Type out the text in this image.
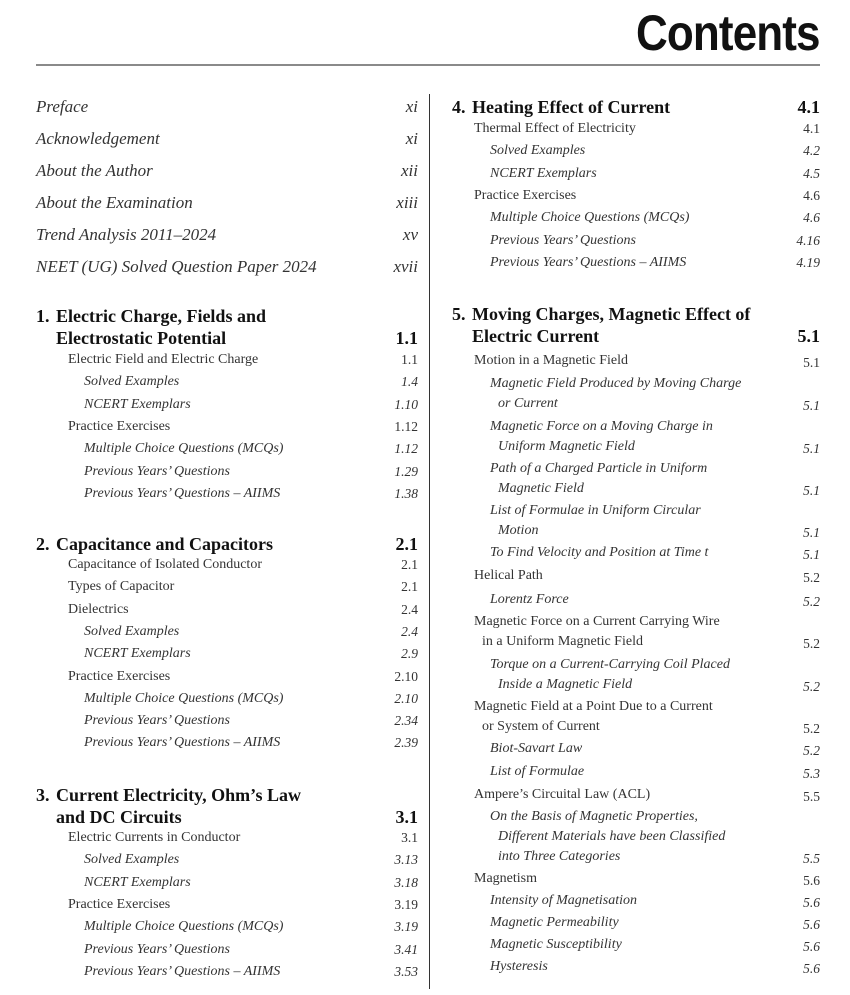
Contents
Preface	xi
Acknowledgement	xi
About the Author	xii
About the Examination	xiii
Trend Analysis 2011–2024	xv
NEET (UG) Solved Question Paper 2024	xvii
1. Electric Charge, Fields and
Electrostatic Potential	1.1
Electric Field and Electric Charge	1.1
Solved Examples	1.4
NCERT Exemplars	1.10
Practice Exercises	1.12
Multiple Choice Questions (MCQs)	1.12
Previous Years’ Questions	1.29
Previous Years’ Questions – AIIMS	1.38
2. Capacitance and Capacitors	2.1
Capacitance of Isolated Conductor	2.1
Types of Capacitor	2.1
Dielectrics	2.4
Solved Examples	2.4
NCERT Exemplars	2.9
Practice Exercises	2.10
Multiple Choice Questions (MCQs)	2.10
Previous Years’ Questions	2.34
Previous Years’ Questions – AIIMS	2.39
3. Current Electricity, Ohm’s Law
and DC Circuits	3.1
Electric Currents in Conductor	3.1
Solved Examples	3.13
NCERT Exemplars	3.18
Practice Exercises	3.19
Multiple Choice Questions (MCQs)	3.19
Previous Years’ Questions	3.41
Previous Years’ Questions – AIIMS	3.53
4. Heating Effect of Current	4.1
Thermal Effect of Electricity	4.1
Solved Examples	4.2
NCERT Exemplars	4.5
Practice Exercises	4.6
Multiple Choice Questions (MCQs)	4.6
Previous Years’ Questions	4.16
Previous Years’ Questions – AIIMS	4.19
5. Moving Charges, Magnetic Effect of
Electric Current	5.1
Motion in a Magnetic Field	5.1
Magnetic Field Produced by Moving Charge
or Current	5.1
Magnetic Force on a Moving Charge in
Uniform Magnetic Field	5.1
Path of a Charged Particle in Uniform
Magnetic Field	5.1
List of Formulae in Uniform Circular
Motion	5.1
To Find Velocity and Position at Time t	5.1
Helical Path	5.2
Lorentz Force	5.2
Magnetic Force on a Current Carrying Wire
in a Uniform Magnetic Field	5.2
Torque on a Current-Carrying Coil Placed
Inside a Magnetic Field	5.2
Magnetic Field at a Point Due to a Current
or System of Current	5.2
Biot-Savart Law	5.2
List of Formulae	5.3
Ampere’s Circuital Law (ACL)	5.5
On the Basis of Magnetic Properties,
Different Materials have been Classified
into Three Categories	5.5
Magnetism	5.6
Intensity of Magnetisation	5.6
Magnetic Permeability	5.6
Magnetic Susceptibility	5.6
Hysteresis	5.6
